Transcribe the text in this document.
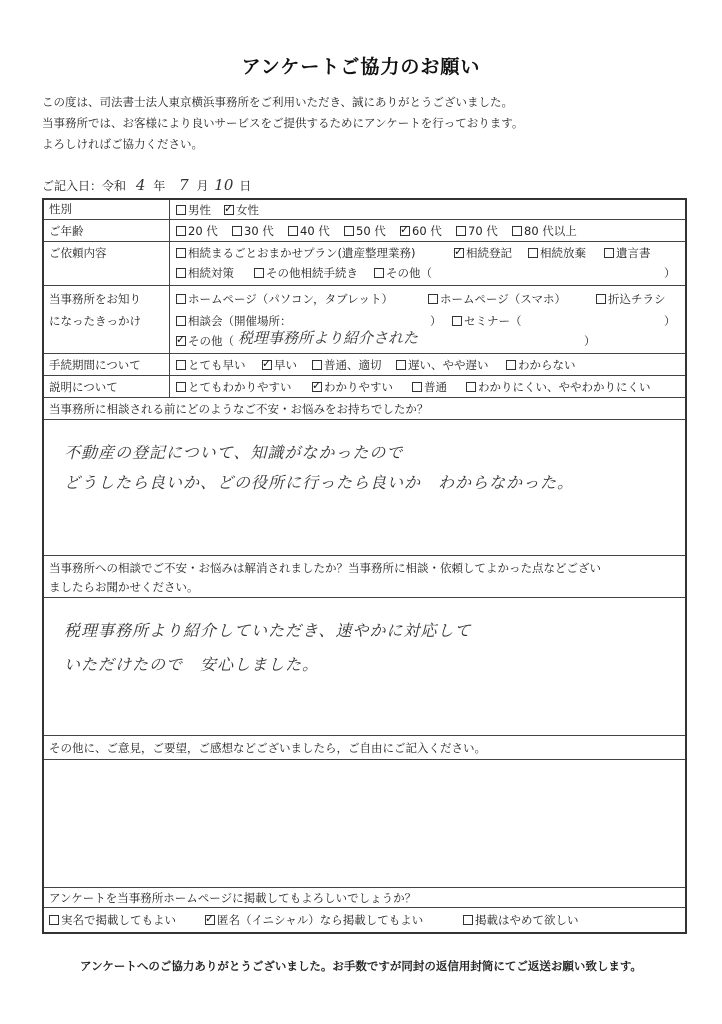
アンケートご協力のお願い
この度は、司法書士法人東京横浜事務所をご利用いただき、誠にありがとうございました。
当事務所では、お客様により良いサービスをご提供するためにアンケートを行っております。
よろしければご協力ください。
ご記入日：令和 4 年 7 月 10 日
性別	男性 ✓	女性
ご年齢	20 代	30 代	40 代	50 代 ✓	60 代	70 代	80 代以上
ご依頼内容	相続まるごとおまかせプラン(遺産整理業務) ✓	相続登記	相続放棄	遺言書
相続対策	その他相続手続き	その他（	）
当事務所をお知り
になったきっかけ
ホームページ（パソコン，タブレット）	ホームページ（スマホ）	折込チラシ
相談会（開催場所：	）	セミナー（	）
✓その他（ 税理事務所より紹介された	）
手続期間について	とても早い ✓	早い	普通、適切	遅い、やや遅い	わからない
説明について	とてもわかりやすい ✓	わかりやすい	普通	わかりにくい、ややわかりにくい
当事務所に相談される前にどのようなご不安・お悩みをお持ちでしたか？
不動産の登記について、知識がなかったので
どうしたら良いか、どの役所に行ったら良いか　わからなかった。
当事務所への相談でご不安・お悩みは解消されましたか？当事務所に相談・依頼してよかった点などござい
ましたらお聞かせください。
税理事務所より紹介していただき、速やかに対応して
いただけたので　安心しました。
その他に、ご意見，ご要望，ご感想などございましたら，ご自由にご記入ください。
アンケートを当事務所ホームページに掲載してもよろしいでしょうか？
実名で掲載してもよい ✓	匿名（イニシャル）なら掲載してもよい	掲載はやめて欲しい
アンケートへのご協力ありがとうございました。お手数ですが同封の返信用封筒にてご返送お願い致します。
